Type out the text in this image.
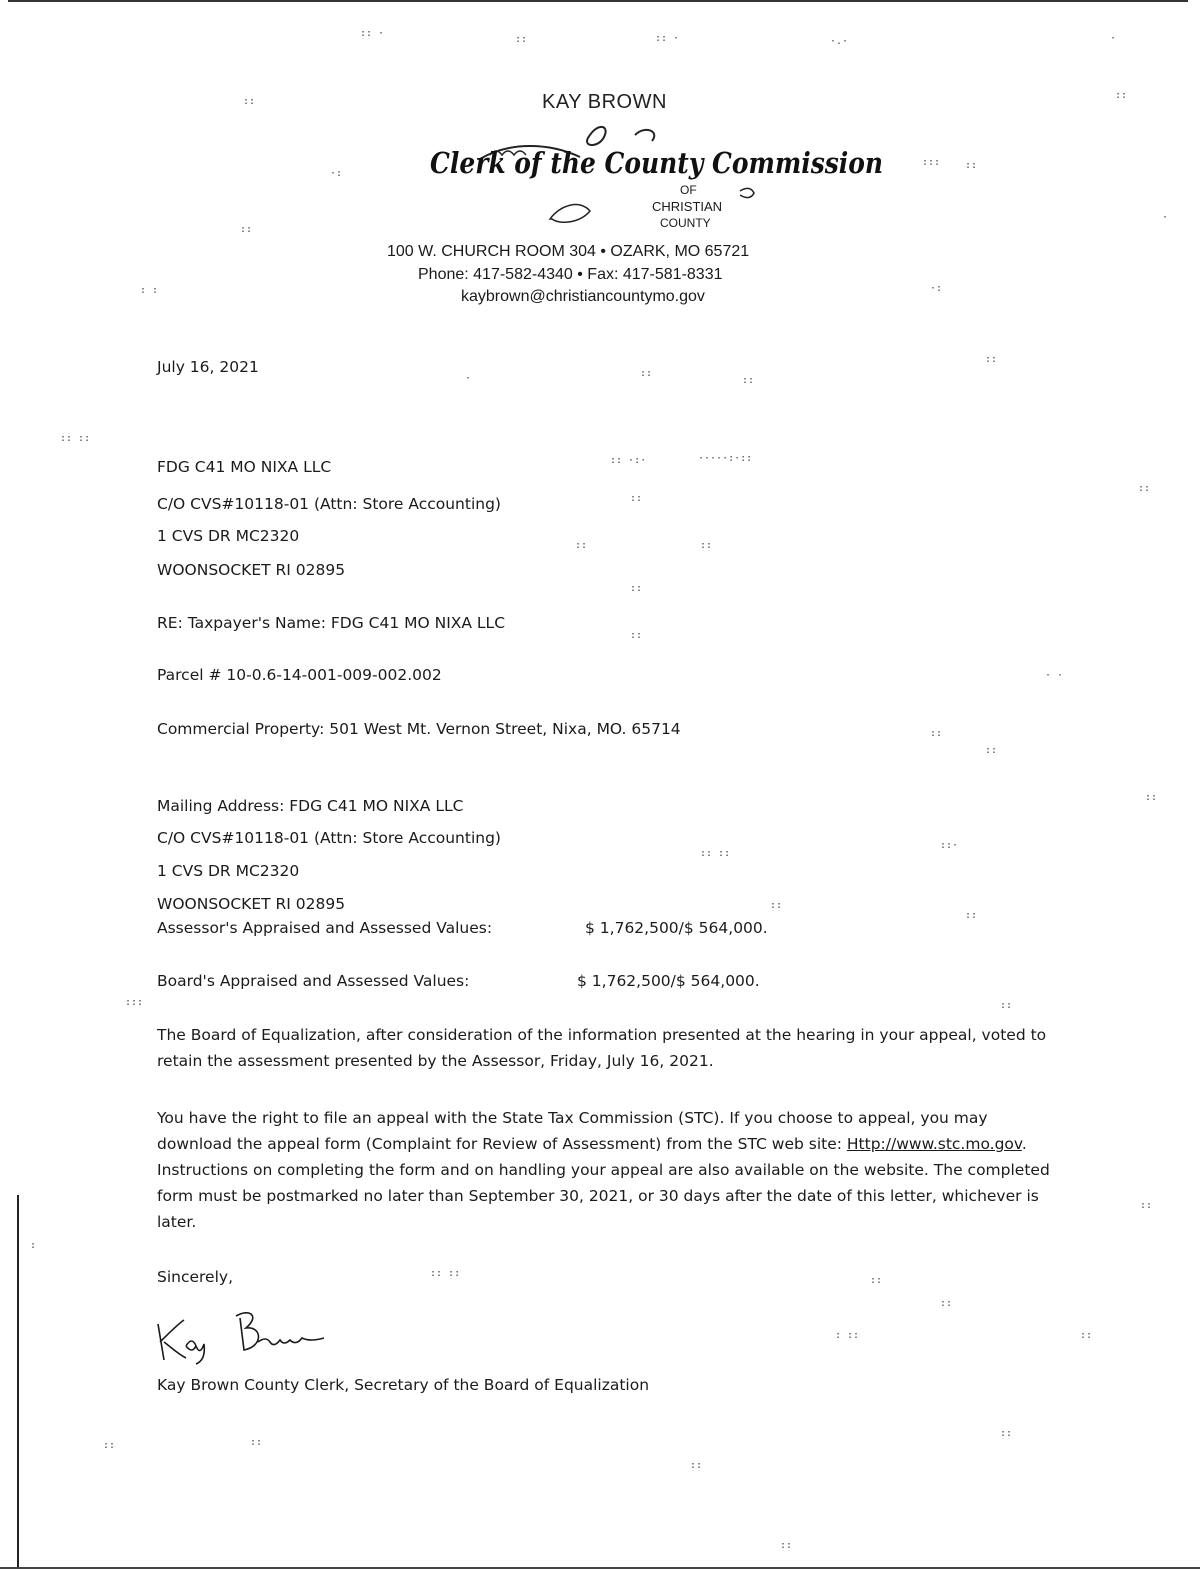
KAY BROWN
Clerk of the County Commission
OF
CHRISTIAN
COUNTY
100 W. CHURCH ROOM 304 • OZARK, MO 65721
Phone: 417-582-4340 • Fax: 417-581-8331
kaybrown@christiancountymo.gov
July 16, 2021
FDG C41 MO NIXA LLC
C/O CVS#10118-01 (Attn: Store Accounting)
1 CVS DR MC2320
WOONSOCKET RI 02895
RE: Taxpayer's Name: FDG C41 MO NIXA LLC
Parcel # 10-0.6-14-001-009-002.002
Commercial Property: 501 West Mt. Vernon Street, Nixa, MO. 65714
Mailing Address: FDG C41 MO NIXA LLC
C/O CVS#10118-01 (Attn: Store Accounting)
1 CVS DR MC2320
WOONSOCKET RI 02895
Assessor's Appraised and Assessed Values:	$ 1,762,500/$ 564,000.
Board's Appraised and Assessed Values:	$ 1,762,500/$ 564,000.
The Board of Equalization, after consideration of the information presented at the hearing in your appeal, voted to retain the assessment presented by the Assessor, Friday, July 16, 2021.
You have the right to file an appeal with the State Tax Commission (STC). If you choose to appeal, you may download the appeal form (Complaint for Review of Assessment) from the STC web site: Http://www.stc.mo.gov. Instructions on completing the form and on handling your appeal are also available on the website. The completed form must be postmarked no later than September 30, 2021, or 30 days after the date of this letter, whichever is later.
Sincerely,
Kay Brown County Clerk, Secretary of the Board of Equalization
:: ·
::	:: ·	·.·	·
::
::
::: ::
·:
·
::
: :	·:
::
·	::
::
:: ::
:: ·:·	·····:·::
::
::
::	::
::
::
· ·
::
::
::
:: ::
::·
::
::
:::	::
::
:
:: ::
::
::
::
: ::
::	::
::
::
::
